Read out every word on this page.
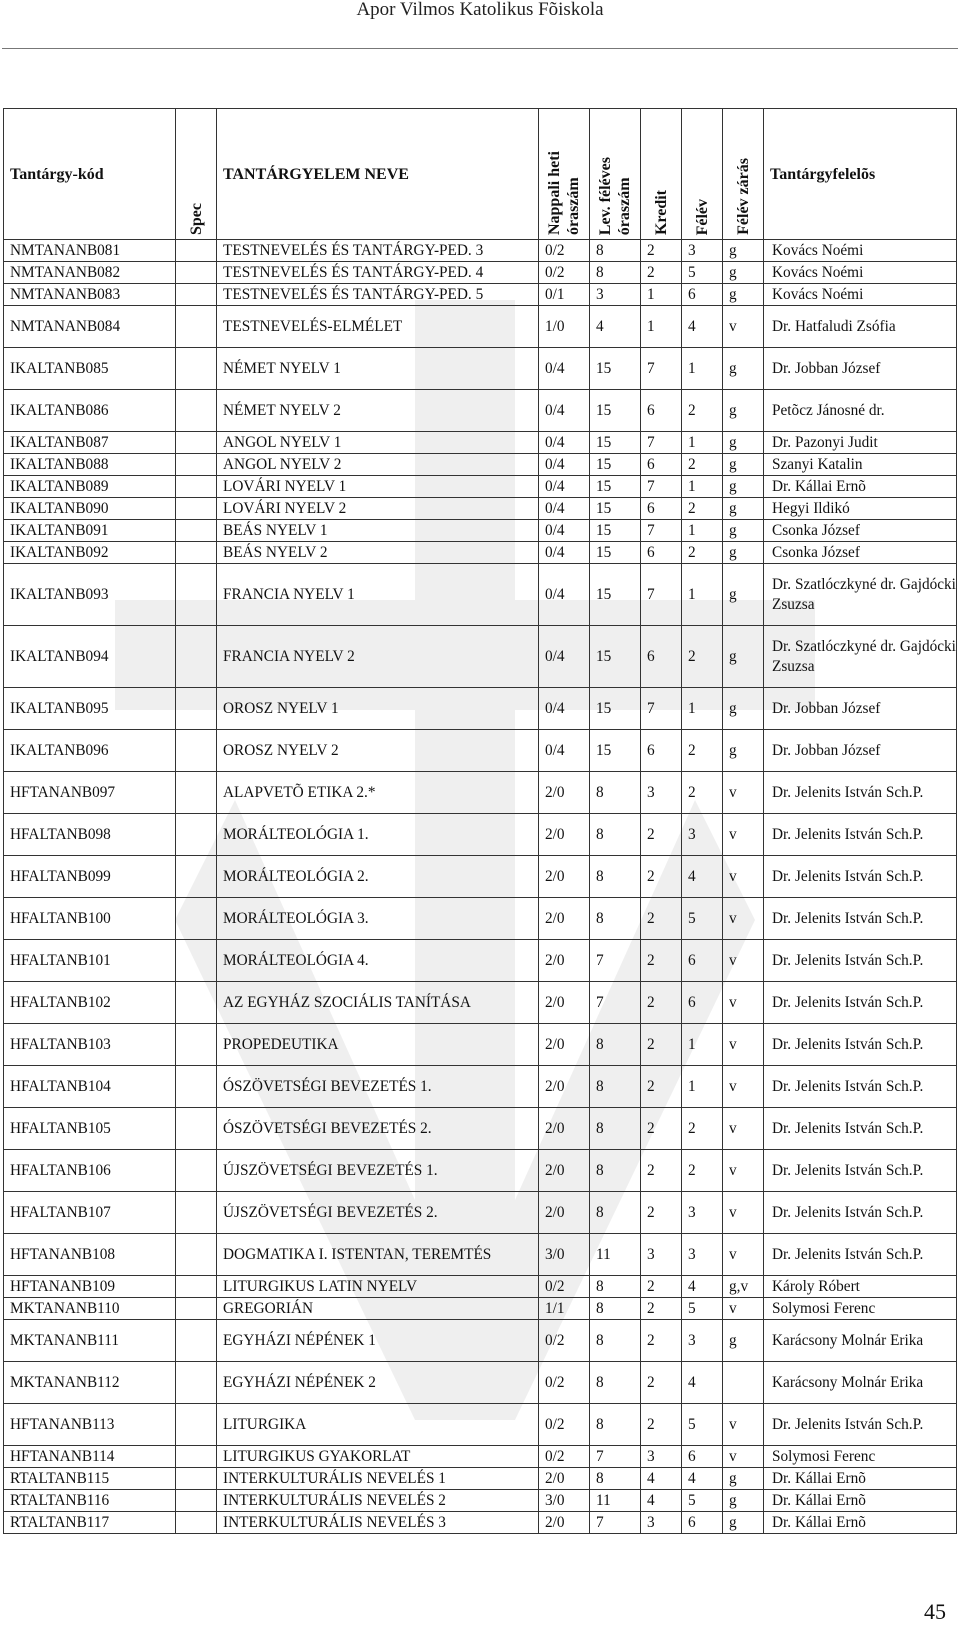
Apor Vilmos Katolikus Fõiskola
Tantárgy-kód	Spec	TANTÁRGYELEM NEVE	Nappali heti óraszám	Lev. féléves óraszám	Kredit	Félév	Félév zárás	Tantárgyfelelõs
NMTANANB081		TESTNEVELÉS ÉS TANTÁRGY-PED. 3	0/2	8	2	3	g	Kovács Noémi
NMTANANB082		TESTNEVELÉS ÉS TANTÁRGY-PED. 4	0/2	8	2	5	g	Kovács Noémi
NMTANANB083		TESTNEVELÉS ÉS TANTÁRGY-PED. 5	0/1	3	1	6	g	Kovács Noémi
NMTANANB084		TESTNEVELÉS-ELMÉLET	1/0	4	1	4	v	Dr. Hatfaludi Zsófia
IKALTANB085		NÉMET NYELV 1	0/4	15	7	1	g	Dr. Jobban József
IKALTANB086		NÉMET NYELV 2	0/4	15	6	2	g	Petõcz Jánosné dr.
IKALTANB087		ANGOL NYELV 1	0/4	15	7	1	g	Dr. Pazonyi Judit
IKALTANB088		ANGOL NYELV 2	0/4	15	6	2	g	Szanyi Katalin
IKALTANB089		LOVÁRI NYELV 1	0/4	15	7	1	g	Dr. Kállai Ernõ
IKALTANB090		LOVÁRI NYELV 2	0/4	15	6	2	g	Hegyi Ildikó
IKALTANB091		BEÁS NYELV 1	0/4	15	7	1	g	Csonka József
IKALTANB092		BEÁS NYELV 2	0/4	15	6	2	g	Csonka József
IKALTANB093		FRANCIA NYELV 1	0/4	15	7	1	g	Dr. Szatlóczkyné dr. Gajdócki Zsuzsa
IKALTANB094		FRANCIA NYELV 2	0/4	15	6	2	g	Dr. Szatlóczkyné dr. Gajdócki Zsuzsa
IKALTANB095		OROSZ NYELV 1	0/4	15	7	1	g	Dr. Jobban József
IKALTANB096		OROSZ NYELV 2	0/4	15	6	2	g	Dr. Jobban József
HFTANANB097		ALAPVETÕ ETIKA 2.*	2/0	8	3	2	v	Dr. Jelenits István Sch.P.
HFALTANB098		MORÁLTEOLÓGIA 1.	2/0	8	2	3	v	Dr. Jelenits István Sch.P.
HFALTANB099		MORÁLTEOLÓGIA 2.	2/0	8	2	4	v	Dr. Jelenits István Sch.P.
HFALTANB100		MORÁLTEOLÓGIA 3.	2/0	8	2	5	v	Dr. Jelenits István Sch.P.
HFALTANB101		MORÁLTEOLÓGIA 4.	2/0	7	2	6	v	Dr. Jelenits István Sch.P.
HFALTANB102		AZ EGYHÁZ SZOCIÁLIS TANÍTÁSA	2/0	7	2	6	v	Dr. Jelenits István Sch.P.
HFALTANB103		PROPEDEUTIKA	2/0	8	2	1	v	Dr. Jelenits István Sch.P.
HFALTANB104		ÓSZÖVETSÉGI BEVEZETÉS 1.	2/0	8	2	1	v	Dr. Jelenits István Sch.P.
HFALTANB105		ÓSZÖVETSÉGI BEVEZETÉS 2.	2/0	8	2	2	v	Dr. Jelenits István Sch.P.
HFALTANB106		ÚJSZÖVETSÉGI BEVEZETÉS 1.	2/0	8	2	2	v	Dr. Jelenits István Sch.P.
HFALTANB107		ÚJSZÖVETSÉGI BEVEZETÉS 2.	2/0	8	2	3	v	Dr. Jelenits István Sch.P.
HFTANANB108		DOGMATIKA I. ISTENTAN, TEREMTÉS	3/0	11	3	3	v	Dr. Jelenits István Sch.P.
HFTANANB109		LITURGIKUS LATIN NYELV	0/2	8	2	4	g,v	Károly Róbert
MKTANANB110		GREGORIÁN	1/1	8	2	5	v	Solymosi Ferenc
MKTANANB111		EGYHÁZI NÉPÉNEK 1	0/2	8	2	3	g	Karácsony Molnár Erika
MKTANANB112		EGYHÁZI NÉPÉNEK 2	0/2	8	2	4		Karácsony Molnár Erika
HFTANANB113		LITURGIKA	0/2	8	2	5	v	Dr. Jelenits István Sch.P.
HFTANANB114		LITURGIKUS GYAKORLAT	0/2	7	3	6	v	Solymosi Ferenc
RTALTANB115		INTERKULTURÁLIS NEVELÉS 1	2/0	8	4	4	g	Dr. Kállai Ernõ
RTALTANB116		INTERKULTURÁLIS NEVELÉS 2	3/0	11	4	5	g	Dr. Kállai Ernõ
RTALTANB117		INTERKULTURÁLIS NEVELÉS 3	2/0	7	3	6	g	Dr. Kállai Ernõ
45
